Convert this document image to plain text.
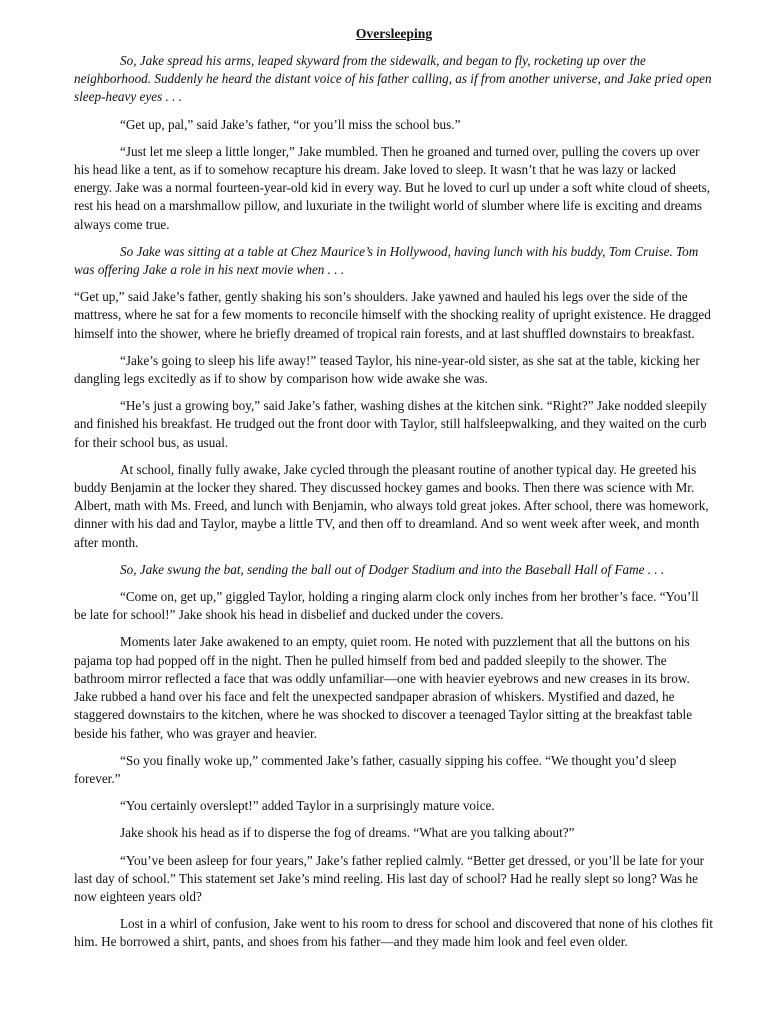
Oversleeping

So, Jake spread his arms, leaped skyward from the sidewalk, and began to fly, rocketing up over the neighborhood. Suddenly he heard the distant voice of his father calling, as if from another universe, and Jake pried open sleep-heavy eyes . . .

“Get up, pal,” said Jake’s father, “or you’ll miss the school bus.”

“Just let me sleep a little longer,” Jake mumbled. Then he groaned and turned over, pulling the covers up over his head like a tent, as if to somehow recapture his dream. Jake loved to sleep. It wasn’t that he was lazy or lacked energy. Jake was a normal fourteen-year-old kid in every way. But he loved to curl up under a soft white cloud of sheets, rest his head on a marshmallow pillow, and luxuriate in the twilight world of slumber where life is exciting and dreams always come true.

So Jake was sitting at a table at Chez Maurice’s in Hollywood, having lunch with his buddy, Tom Cruise. Tom was offering Jake a role in his next movie when . . .

“Get up,” said Jake’s father, gently shaking his son’s shoulders. Jake yawned and hauled his legs over the side of the mattress, where he sat for a few moments to reconcile himself with the shocking reality of upright existence. He dragged himself into the shower, where he briefly dreamed of tropical rain forests, and at last shuffled downstairs to breakfast.

“Jake’s going to sleep his life away!” teased Taylor, his nine-year-old sister, as she sat at the table, kicking her dangling legs excitedly as if to show by comparison how wide awake she was.

“He’s just a growing boy,” said Jake’s father, washing dishes at the kitchen sink. “Right?” Jake nodded sleepily and finished his breakfast. He trudged out the front door with Taylor, still halfsleepwalking, and they waited on the curb for their school bus, as usual.

At school, finally fully awake, Jake cycled through the pleasant routine of another typical day. He greeted his buddy Benjamin at the locker they shared. They discussed hockey games and books. Then there was science with Mr. Albert, math with Ms. Freed, and lunch with Benjamin, who always told great jokes. After school, there was homework, dinner with his dad and Taylor, maybe a little TV, and then off to dreamland. And so went week after week, and month after month.

So, Jake swung the bat, sending the ball out of Dodger Stadium and into the Baseball Hall of Fame . . .

“Come on, get up,” giggled Taylor, holding a ringing alarm clock only inches from her brother’s face. “You’ll be late for school!” Jake shook his head in disbelief and ducked under the covers.

Moments later Jake awakened to an empty, quiet room. He noted with puzzlement that all the buttons on his pajama top had popped off in the night. Then he pulled himself from bed and padded sleepily to the shower. The bathroom mirror reflected a face that was oddly unfamiliar—one with heavier eyebrows and new creases in its brow. Jake rubbed a hand over his face and felt the unexpected sandpaper abrasion of whiskers. Mystified and dazed, he staggered downstairs to the kitchen, where he was shocked to discover a teenaged Taylor sitting at the breakfast table beside his father, who was grayer and heavier.

“So you finally woke up,” commented Jake’s father, casually sipping his coffee. “We thought you’d sleep forever.”

“You certainly overslept!” added Taylor in a surprisingly mature voice.

Jake shook his head as if to disperse the fog of dreams. “What are you talking about?”

“You’ve been asleep for four years,” Jake’s father replied calmly. “Better get dressed, or you’ll be late for your last day of school.” This statement set Jake’s mind reeling. His last day of school? Had he really slept so long? Was he now eighteen years old?

Lost in a whirl of confusion, Jake went to his room to dress for school and discovered that none of his clothes fit him. He borrowed a shirt, pants, and shoes from his father—and they made him look and feel even older.
